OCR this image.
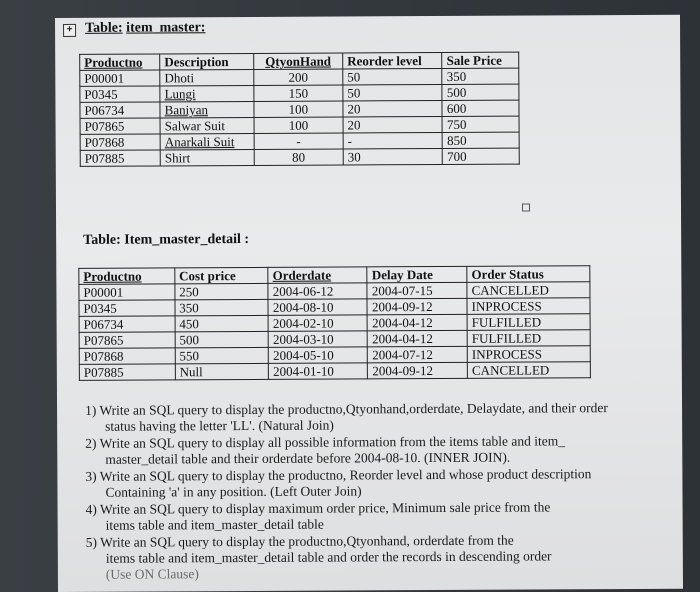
+ Table: item_master:
Productno	Description	QtyonHand	Reorder level	Sale Price
P00001	Dhoti	200	50	350
P0345	Lungi	150	50	500
P06734	Baniyan	100	20	600
P07865	Salwar Suit	100	20	750
P07868	Anarkali Suit	-	-	850
P07885	Shirt	80	30	700
Table: Item_master_detail :
Productno	Cost price	Orderdate	Delay Date	Order Status
P00001	250	2004-06-12	2004-07-15	CANCELLED
P0345	350	2004-08-10	2004-09-12	INPROCESS
P06734	450	2004-02-10	2004-04-12	FULFILLED
P07865	500	2004-03-10	2004-04-12	FULFILLED
P07868	550	2004-05-10	2004-07-12	INPROCESS
P07885	Null	2004-01-10	2004-09-12	CANCELLED

1) Write an SQL query to display the productno,Qtyonhand,orderdate, Delaydate, and their order
status having the letter 'LL'. (Natural Join)

2) Write an SQL query to display all possible information from the items table and item_
master_detail table and their orderdate before 2004-08-10. (INNER JOIN).

3) Write an SQL query to display the productno, Reorder level and whose product description
Containing 'a' in any position. (Left Outer Join)

4) Write an SQL query to display maximum order price, Minimum sale price from the
items table and item_master_detail table

5) Write an SQL query to display the productno,Qtyonhand, orderdate from the
items table and item_master_detail table and order the records in descending order
(Use ON Clause)
